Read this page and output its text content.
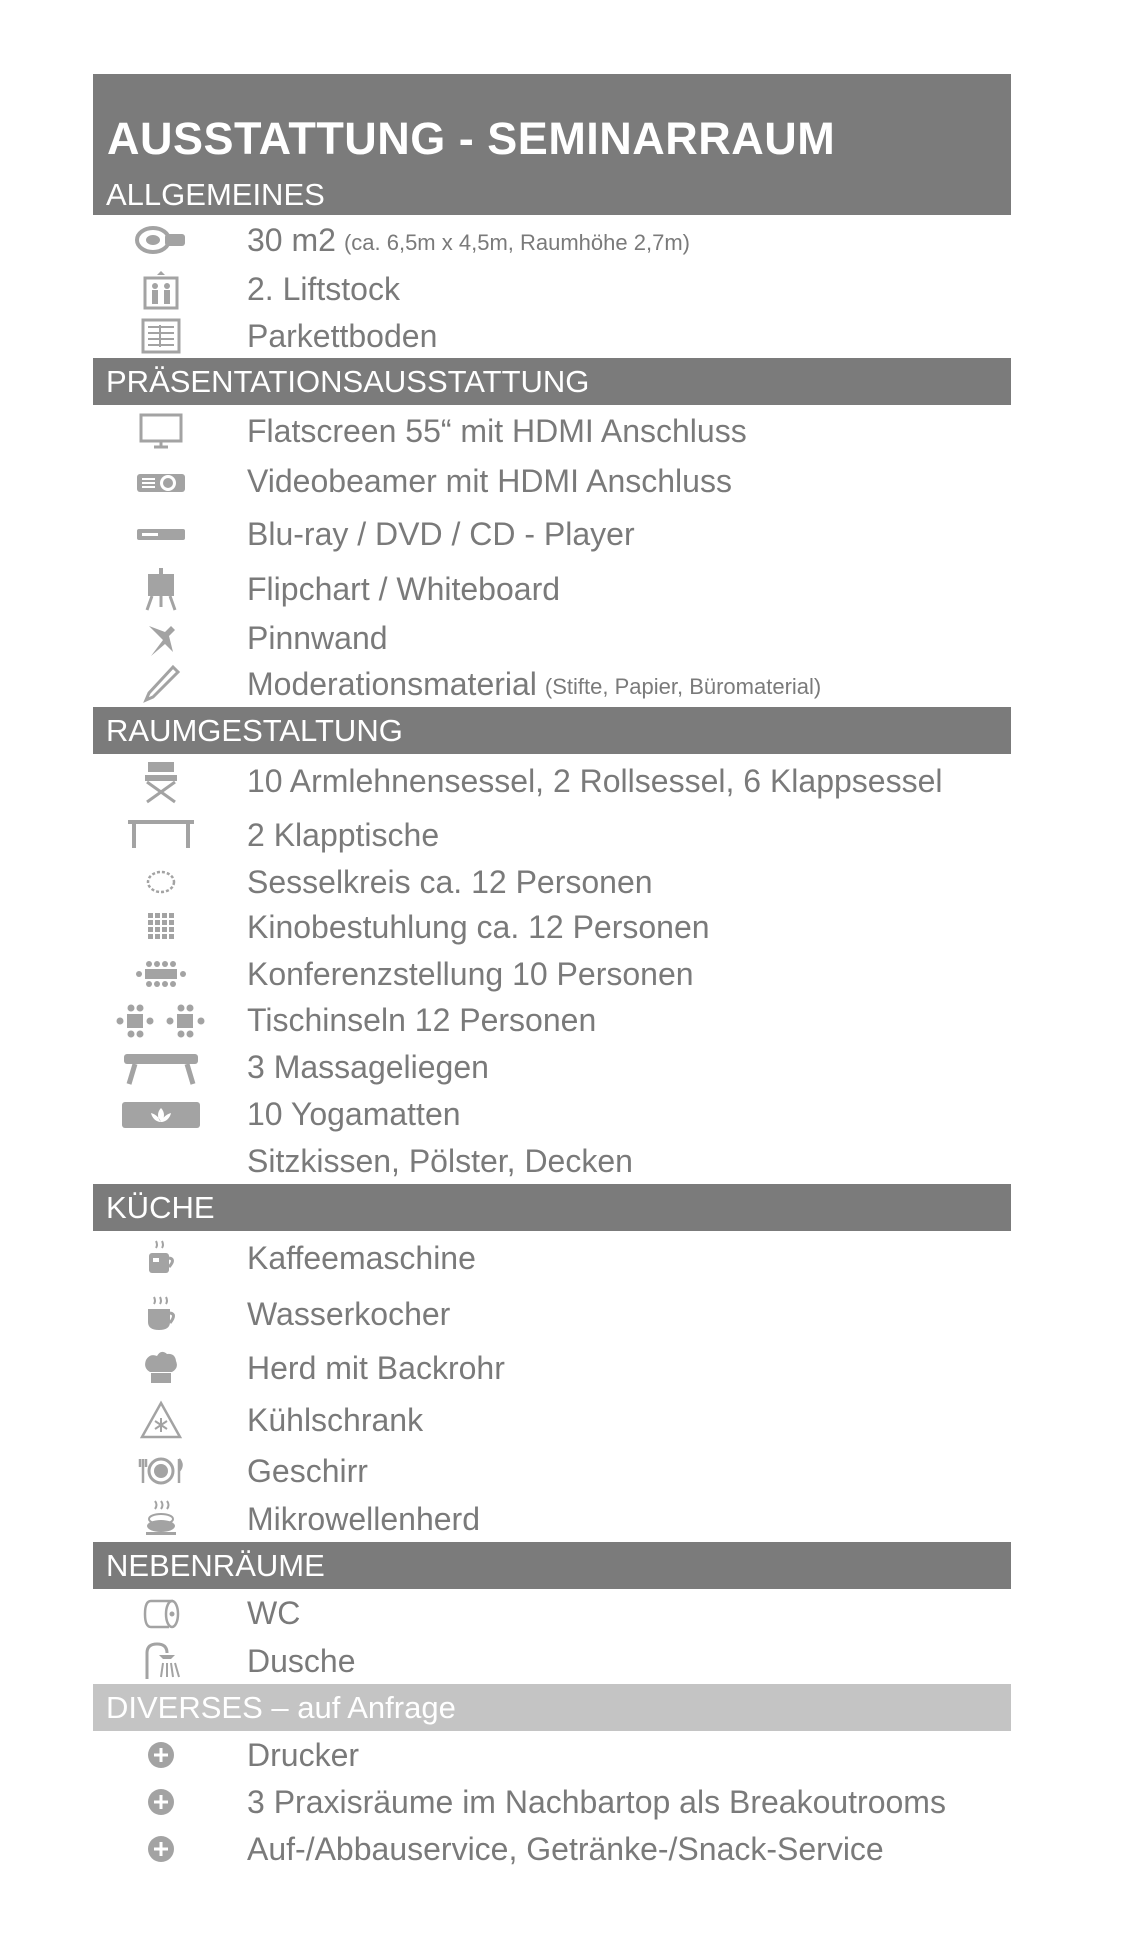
AUSSTATTUNG - SEMINARRAUM
ALLGEMEINES
30 m2 (ca. 6,5m x 4,5m, Raumhöhe 2,7m)
2. Liftstock
Parkettboden
PRÄSENTATIONSAUSSTATTUNG
Flatscreen 55“ mit HDMI Anschluss
Videobeamer mit HDMI Anschluss
Blu-ray / DVD / CD - Player
Flipchart / Whiteboard
Pinnwand
Moderationsmaterial (Stifte, Papier, Büromaterial)
RAUMGESTALTUNG
10 Armlehnensessel, 2 Rollsessel, 6 Klappsessel
2 Klapptische
Sesselkreis ca. 12 Personen
Kinobestuhlung ca. 12 Personen
Konferenzstellung 10 Personen
Tischinseln 12 Personen
3 Massageliegen
10 Yogamatten
Sitzkissen, Pölster, Decken
KÜCHE
Kaffeemaschine
Wasserkocher
Herd mit Backrohr
Kühlschrank
Geschirr
Mikrowellenherd
NEBENRÄUME
WC
Dusche
DIVERSES – auf Anfrage
Drucker
3 Praxisräume im Nachbartop als Breakoutrooms
Auf-/Abbauservice, Getränke-/Snack-Service
